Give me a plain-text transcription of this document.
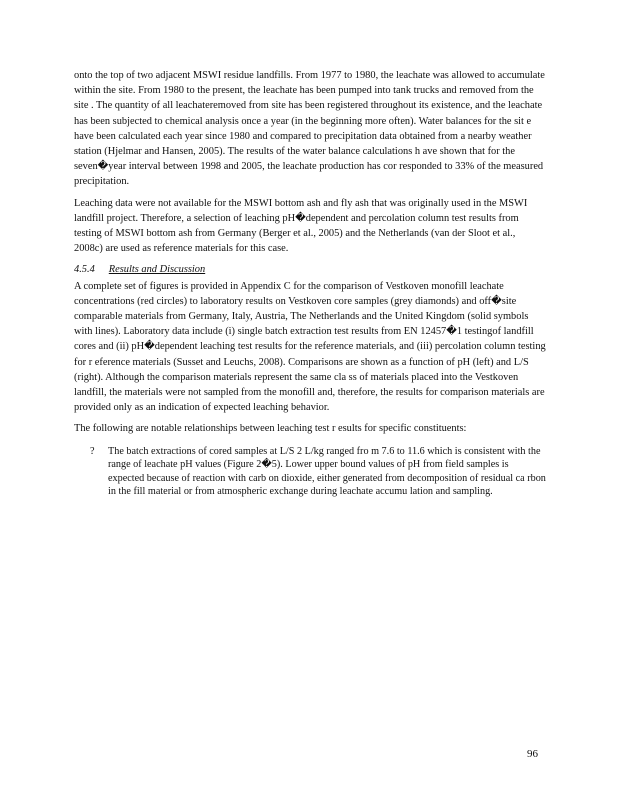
onto the top of two adjacent MSWI residue landfills. From 1977 to 1980, the leachate was allowed to accumulate within the site. From 1980 to the present, the leachate has been pumped into tank trucks and removed from the site . The quantity of all leachateremoved from site has been registered throughout its existence, and the leachate has been subjected to chemical analysis once a year (in the beginning more often). Water balances for the sit e have been calculated each year since 1980 and compared to precipitation data obtained from a nearby weather station (Hjelmar and Hansen, 2005). The results of the water balance calculations h ave shown that for the seven�year interval between 1998 and 2005, the leachate production has cor responded to 33% of the measured precipitation.

Leaching data were not available for the MSWI bottom ash and fly ash that was originally used in the MSWI landfill project. Therefore, a selection of leaching pH�dependent and percolation column test results from testing of MSWI bottom ash from Germany (Berger et al., 2005) and the Netherlands (van der Sloot et al., 2008c) are used as reference materials for this case.

4.5.4 Results and Discussion

A complete set of figures is provided in Appendix C for the comparison of Vestkoven monofill leachate concentrations (red circles) to laboratory results on Vestkoven core samples (grey diamonds) and off�site comparable materials from Germany, Italy, Austria, The Netherlands and the United Kingdom (solid symbols with lines). Laboratory data include (i) single batch extraction test results from EN 12457�1 testingof landfill cores and (ii) pH�dependent leaching test results for the reference materials, and (iii) percolation column testing for r eference materials (Susset and Leuchs, 2008). Comparisons are shown as a function of pH (left) and L/S (right). Although the comparison materials represent the same cla ss of materials placed into the Vestkoven landfill, the materials were not sampled from the monofill and, therefore, the results for comparison materials are provided only as an indication of expected leaching behavior.

The following are notable relationships between leaching test r esults for specific constituents:

?	The batch extractions of cored samples at L/S 2 L/kg ranged fro m 7.6 to 11.6 which is consistent with the range of leachate pH values (Figure 2�5). Lower upper bound values of pH from field samples is expected because of reaction with carb on dioxide, either generated from decomposition of residual ca rbon in the fill material or from atmospheric exchange during leachate accumu lation and sampling.
96
